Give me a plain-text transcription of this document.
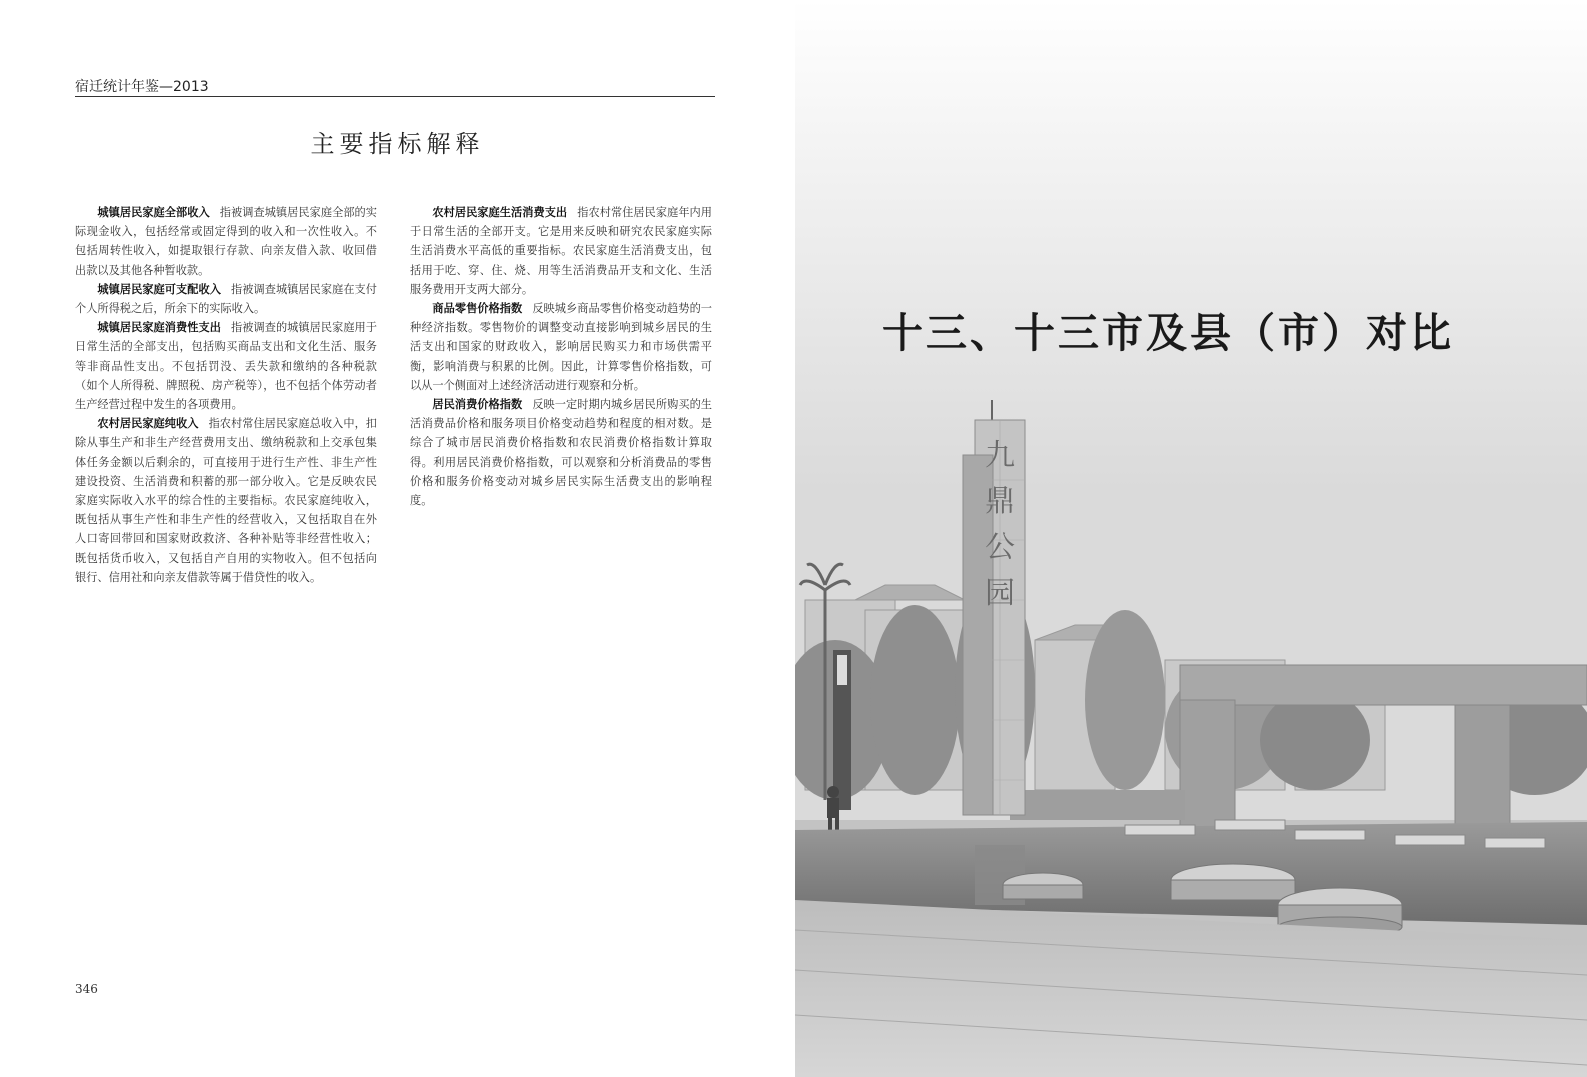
宿迁统计年鉴—2013
主要指标解释

城镇居民家庭全部收入 指被调查城镇居民家庭全部的实际现金收入，包括经常或固定得到的收入和一次性收入。不包括周转性收入，如提取银行存款、向亲友借入款、收回借出款以及其他各种暂收款。

城镇居民家庭可支配收入 指被调查城镇居民家庭在支付个人所得税之后，所余下的实际收入。

城镇居民家庭消费性支出 指被调查的城镇居民家庭用于日常生活的全部支出，包括购买商品支出和文化生活、服务等非商品性支出。不包括罚没、丢失款和缴纳的各种税款（如个人所得税、牌照税、房产税等），也不包括个体劳动者生产经营过程中发生的各项费用。

农村居民家庭纯收入 指农村常住居民家庭总收入中，扣除从事生产和非生产经营费用支出、缴纳税款和上交承包集体任务金额以后剩余的，可直接用于进行生产性、非生产性建设投资、生活消费和积蓄的那一部分收入。它是反映农民家庭实际收入水平的综合性的主要指标。农民家庭纯收入，既包括从事生产性和非生产性的经营收入，又包括取自在外人口寄回带回和国家财政救济、各种补贴等非经营性收入；既包括货币收入，又包括自产自用的实物收入。但不包括向银行、信用社和向亲友借款等属于借贷性的收入。

农村居民家庭生活消费支出 指农村常住居民家庭年内用于日常生活的全部开支。它是用来反映和研究农民家庭实际生活消费水平高低的重要指标。农民家庭生活消费支出，包括用于吃、穿、住、烧、用等生活消费品开支和文化、生活服务费用开支两大部分。

商品零售价格指数 反映城乡商品零售价格变动趋势的一种经济指数。零售物价的调整变动直接影响到城乡居民的生活支出和国家的财政收入，影响居民购买力和市场供需平衡，影响消费与积累的比例。因此，计算零售价格指数，可以从一个侧面对上述经济活动进行观察和分析。

居民消费价格指数 反映一定时期内城乡居民所购买的生活消费品价格和服务项目价格变动趋势和程度的相对数。是综合了城市居民消费价格指数和农民消费价格指数计算取得。利用居民消费价格指数，可以观察和分析消费品的零售价格和服务价格变动对城乡居民实际生活费支出的影响程度。

346
九
鼎
公
园
十三、十三市及县（市）对比
